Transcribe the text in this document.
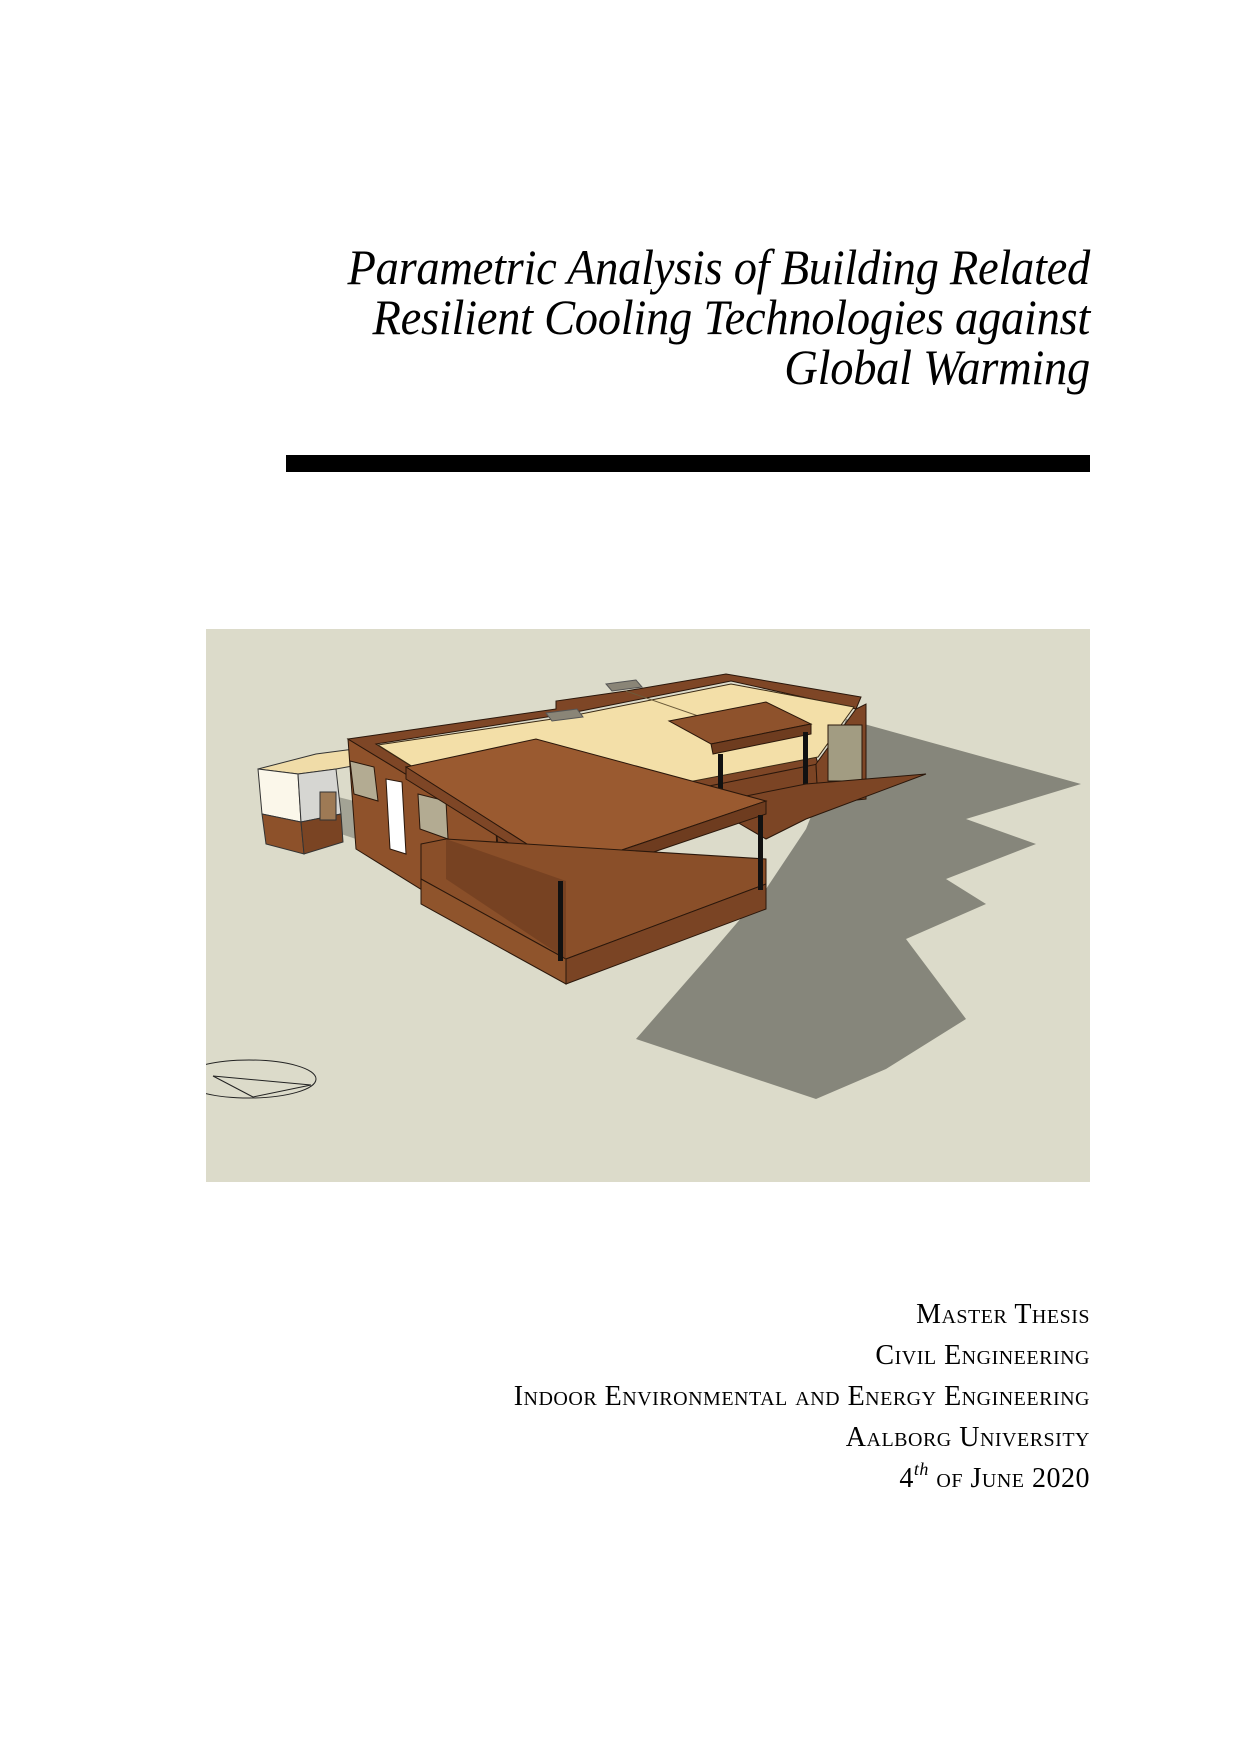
Parametric Analysis of Building Related
Resilient Cooling Technologies against
Global Warming
Master Thesis
Civil Engineering
Indoor Environmental and Energy Engineering
Aalborg University
4th of June 2020
